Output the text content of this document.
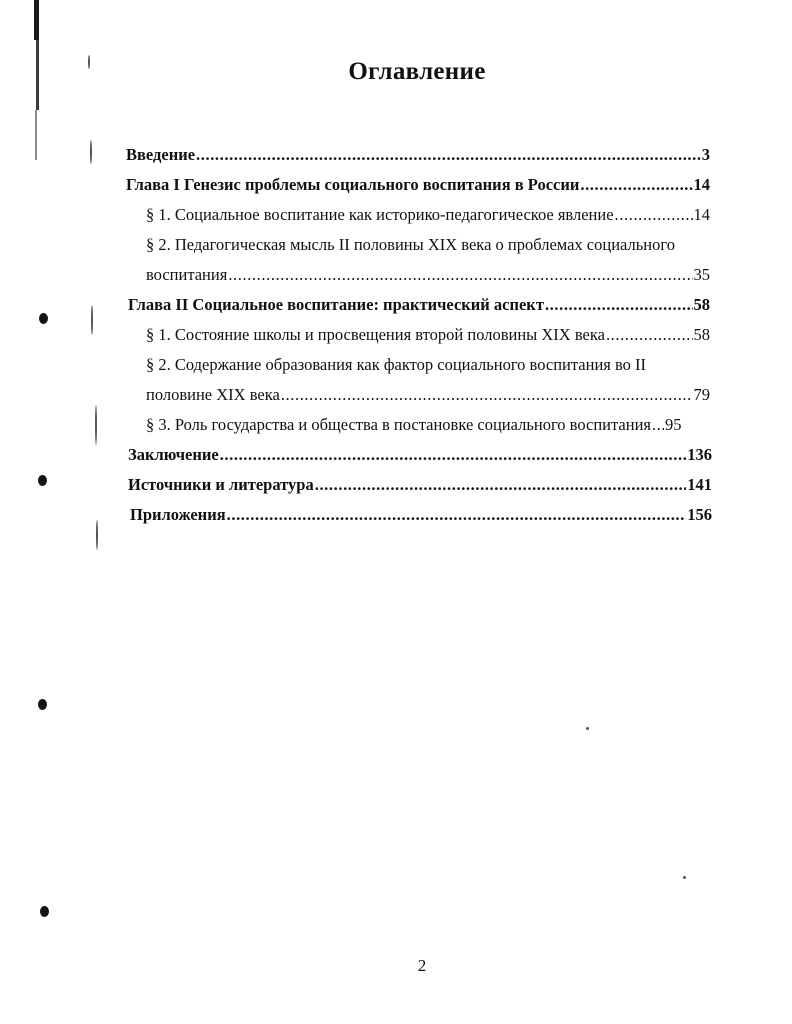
Оглавление
Введение .....	3
Глава I Генезис проблемы социального воспитания в России .....	14
§ 1. Социальное воспитание как историко-педагогическое явление .....	14
§ 2. Педагогическая мысль II половины XIX века о проблемах социального
воспитания .....	35
Глава II Социальное воспитание: практический аспект .....	58
§ 1. Состояние школы и просвещения второй половины XIX века .....	58
§ 2. Содержание образования как фактор социального воспитания во II
половине XIX века .....	79
§ 3. Роль государства и общества в постановке социального воспитания ..... 95
Заключение .....	136
Источники и литература .....	141
Приложения .....	156
2
